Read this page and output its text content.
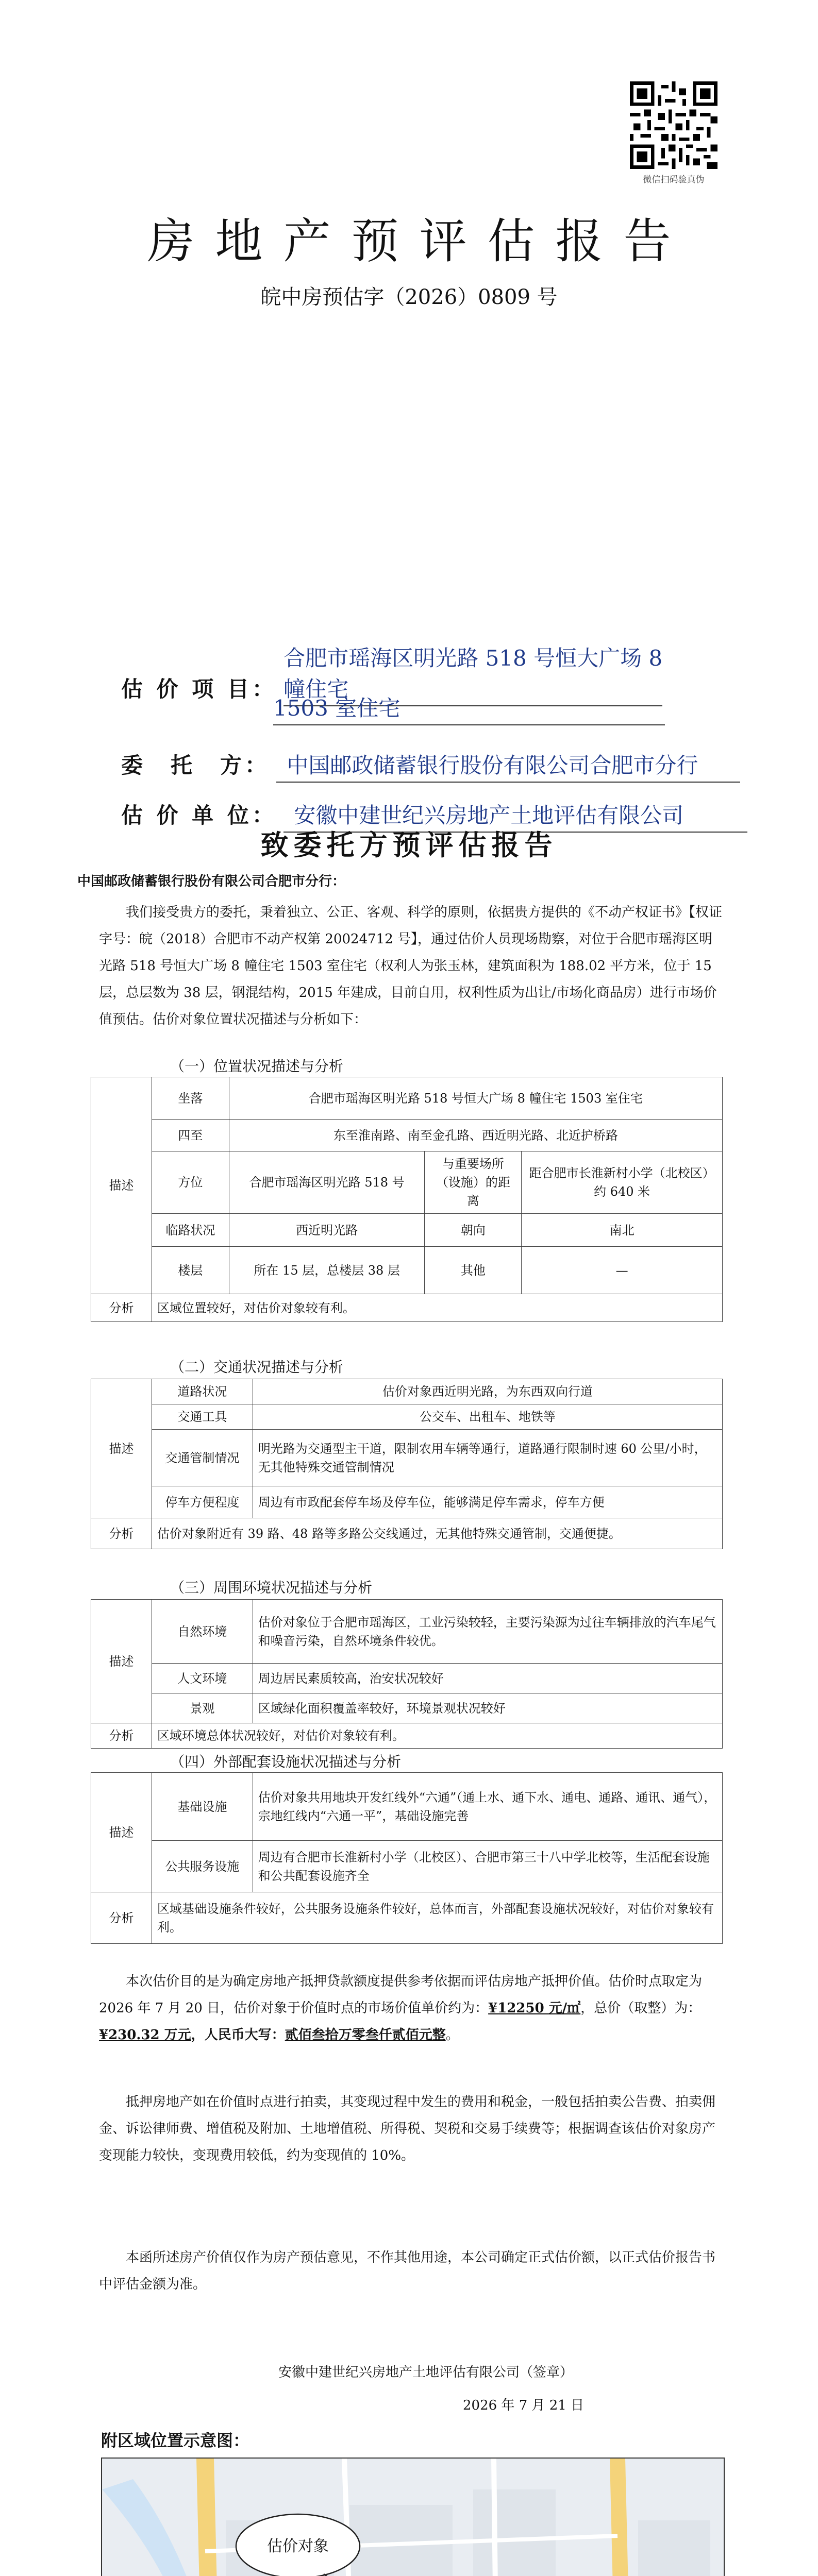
微信扫码验真伪
房地产预评估报告
皖中房预估字（2026）0809 号
估 价 项 目： 合肥市瑶海区明光路 518 号恒大广场 8 幢住宅
1503 室住宅
委　托　方： 中国邮政储蓄银行股份有限公司合肥市分行
估 价 单 位： 安徽中建世纪兴房地产土地评估有限公司
致委托方预评估报告
中国邮政储蓄银行股份有限公司合肥市分行：
我们接受贵方的委托，秉着独立、公正、客观、科学的原则，依据贵方提供的《不动产权证书》【权证字号：皖（2018）合肥市不动产权第 20024712 号】，通过估价人员现场勘察，对位于合肥市瑶海区明光路 518 号恒大广场 8 幢住宅 1503 室住宅（权利人为张玉林，建筑面积为 188.02 平方米，位于 15 层，总层数为 38 层，钢混结构，2015 年建成，目前自用，权利性质为出让/市场化商品房）进行市场价值预估。估价对象位置状况描述与分析如下：
（一）位置状况描述与分析
描述	坐落	合肥市瑶海区明光路 518 号恒大广场 8 幢住宅 1503 室住宅		
	四至	东至淮南路、南至金孔路、西近明光路、北近护桥路		
	方位	合肥市瑶海区明光路 518 号	与重要场所（设施）的距离	距合肥市长淮新村小学（北校区）约 640 米
	临路状况	西近明光路	朝向	南北
	楼层	所在 15 层，总楼层 38 层	其他	—
分析	区域位置较好，对估价对象较有利。			
（二）交通状况描述与分析
描述	道路状况	估价对象西近明光路，为东西双向行道
	交通工具	公交车、出租车、地铁等
	交通管制情况	明光路为交通型主干道，限制农用车辆等通行，道路通行限制时速 60 公里/小时，无其他特殊交通管制情况
	停车方便程度	周边有市政配套停车场及停车位，能够满足停车需求，停车方便
分析	估价对象附近有 39 路、48 路等多路公交线通过，无其他特殊交通管制，交通便捷。	
（三）周围环境状况描述与分析
描述	自然环境	估价对象位于合肥市瑶海区，工业污染较轻，主要污染源为过往车辆排放的汽车尾气和噪音污染，自然环境条件较优。
	人文环境	周边居民素质较高，治安状况较好
	景观	区域绿化面积覆盖率较好，环境景观状况较好
分析	区域环境总体状况较好，对估价对象较有利。	
（四）外部配套设施状况描述与分析
描述	基础设施	估价对象共用地块开发红线外“六通”（通上水、通下水、通电、通路、通讯、通气），宗地红线内“六通一平”，基础设施完善
	公共服务设施	周边有合肥市长淮新村小学（北校区）、合肥市第三十八中学北校等，生活配套设施和公共配套设施齐全
分析	区域基础设施条件较好，公共服务设施条件较好，总体而言，外部配套设施状况较好，对估价对象较有利。	
本次估价目的是为确定房地产抵押贷款额度提供参考依据而评估房地产抵押价值。估价时点取定为 2026 年 7 月 20 日，估价对象于价值时点的市场价值单价约为：¥12250 元/㎡，总价（取整）为：¥230.32 万元，人民币大写：贰佰叁拾万零叁仟贰佰元整。
抵押房地产如在价值时点进行拍卖，其变现过程中发生的费用和税金，一般包括拍卖公告费、拍卖佣金、诉讼律师费、增值税及附加、土地增值税、所得税、契税和交易手续费等；根据调查该估价对象房产变现能力较快，变现费用较低，约为变现值的 10%。
本函所述房产价值仅作为房产预估意见，不作其他用途，本公司确定正式估价额，以正式估价报告书中评估金额为准。
安徽中建世纪兴房地产土地评估有限公司（签章）
2026 年 7 月 21 日
附区域位置示意图：
估价对象
